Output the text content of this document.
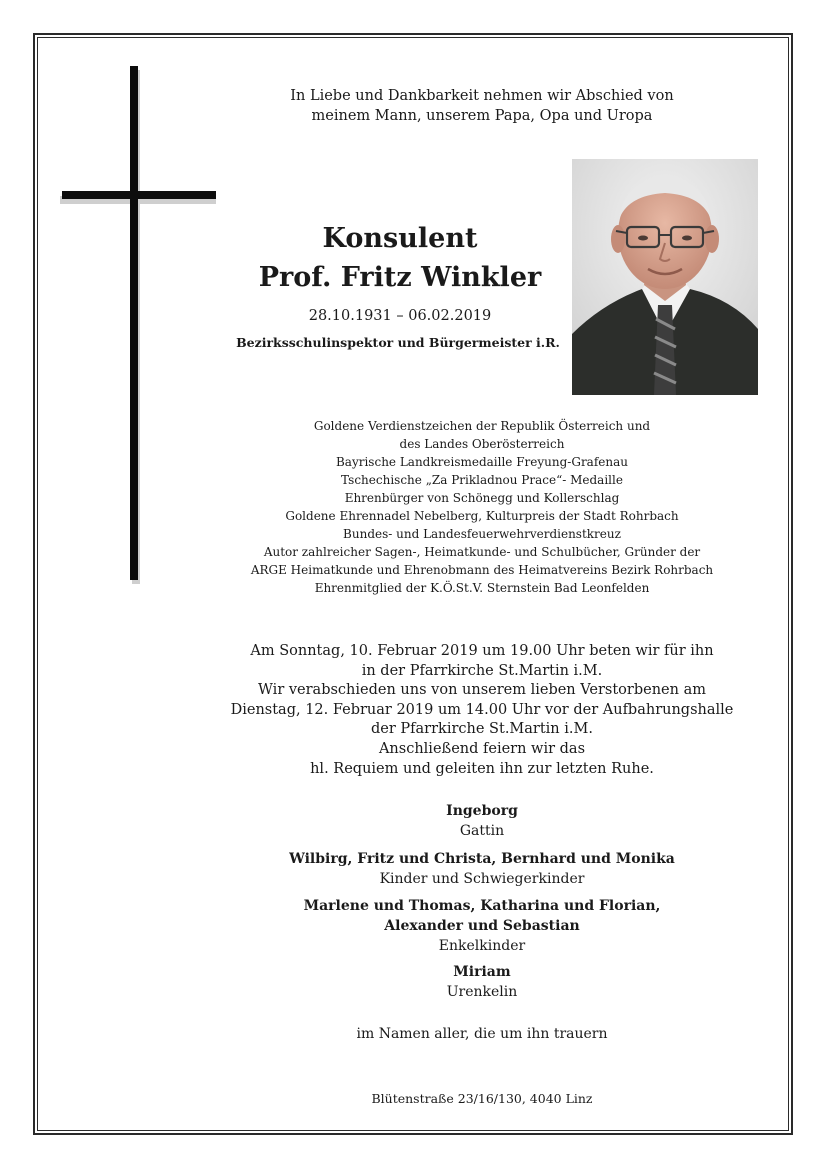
In Liebe und Dankbarkeit nehmen wir Abschied von
meinem Mann, unserem Papa, Opa und Uropa
Konsulent
Prof. Fritz Winkler
28.10.1931 – 06.02.2019
Bezirksschulinspektor und Bürgermeister i.R.
Goldene Verdienstzeichen der Republik Österreich und
des Landes Oberösterreich
Bayrische Landkreismedaille Freyung-Grafenau
Tschechische „Za Prikladnou Prace“- Medaille
Ehrenbürger von Schönegg und Kollerschlag
Goldene Ehrennadel Nebelberg, Kulturpreis der Stadt Rohrbach
Bundes- und Landesfeuerwehrverdienstkreuz
Autor zahlreicher Sagen-, Heimatkunde- und Schulbücher, Gründer der
ARGE Heimatkunde und Ehrenobmann des Heimatvereins Bezirk Rohrbach
Ehrenmitglied der K.Ö.St.V. Sternstein Bad Leonfelden
Am Sonntag, 10. Februar 2019 um 19.00 Uhr beten wir für ihn
in der Pfarrkirche St.Martin i.M.
Wir verabschieden uns von unserem lieben Verstorbenen am
Dienstag, 12. Februar 2019 um 14.00 Uhr vor der Aufbahrungshalle
der Pfarrkirche St.Martin i.M.
Anschließend feiern wir das
hl. Requiem und geleiten ihn zur letzten Ruhe.
Ingeborg
Gattin
Wilbirg, Fritz und Christa, Bernhard und Monika
Kinder und Schwiegerkinder
Marlene und Thomas, Katharina und Florian,
Alexander und Sebastian
Enkelkinder
Miriam
Urenkelin
im Namen aller, die um ihn trauern
Blütenstraße 23/16/130, 4040 Linz
